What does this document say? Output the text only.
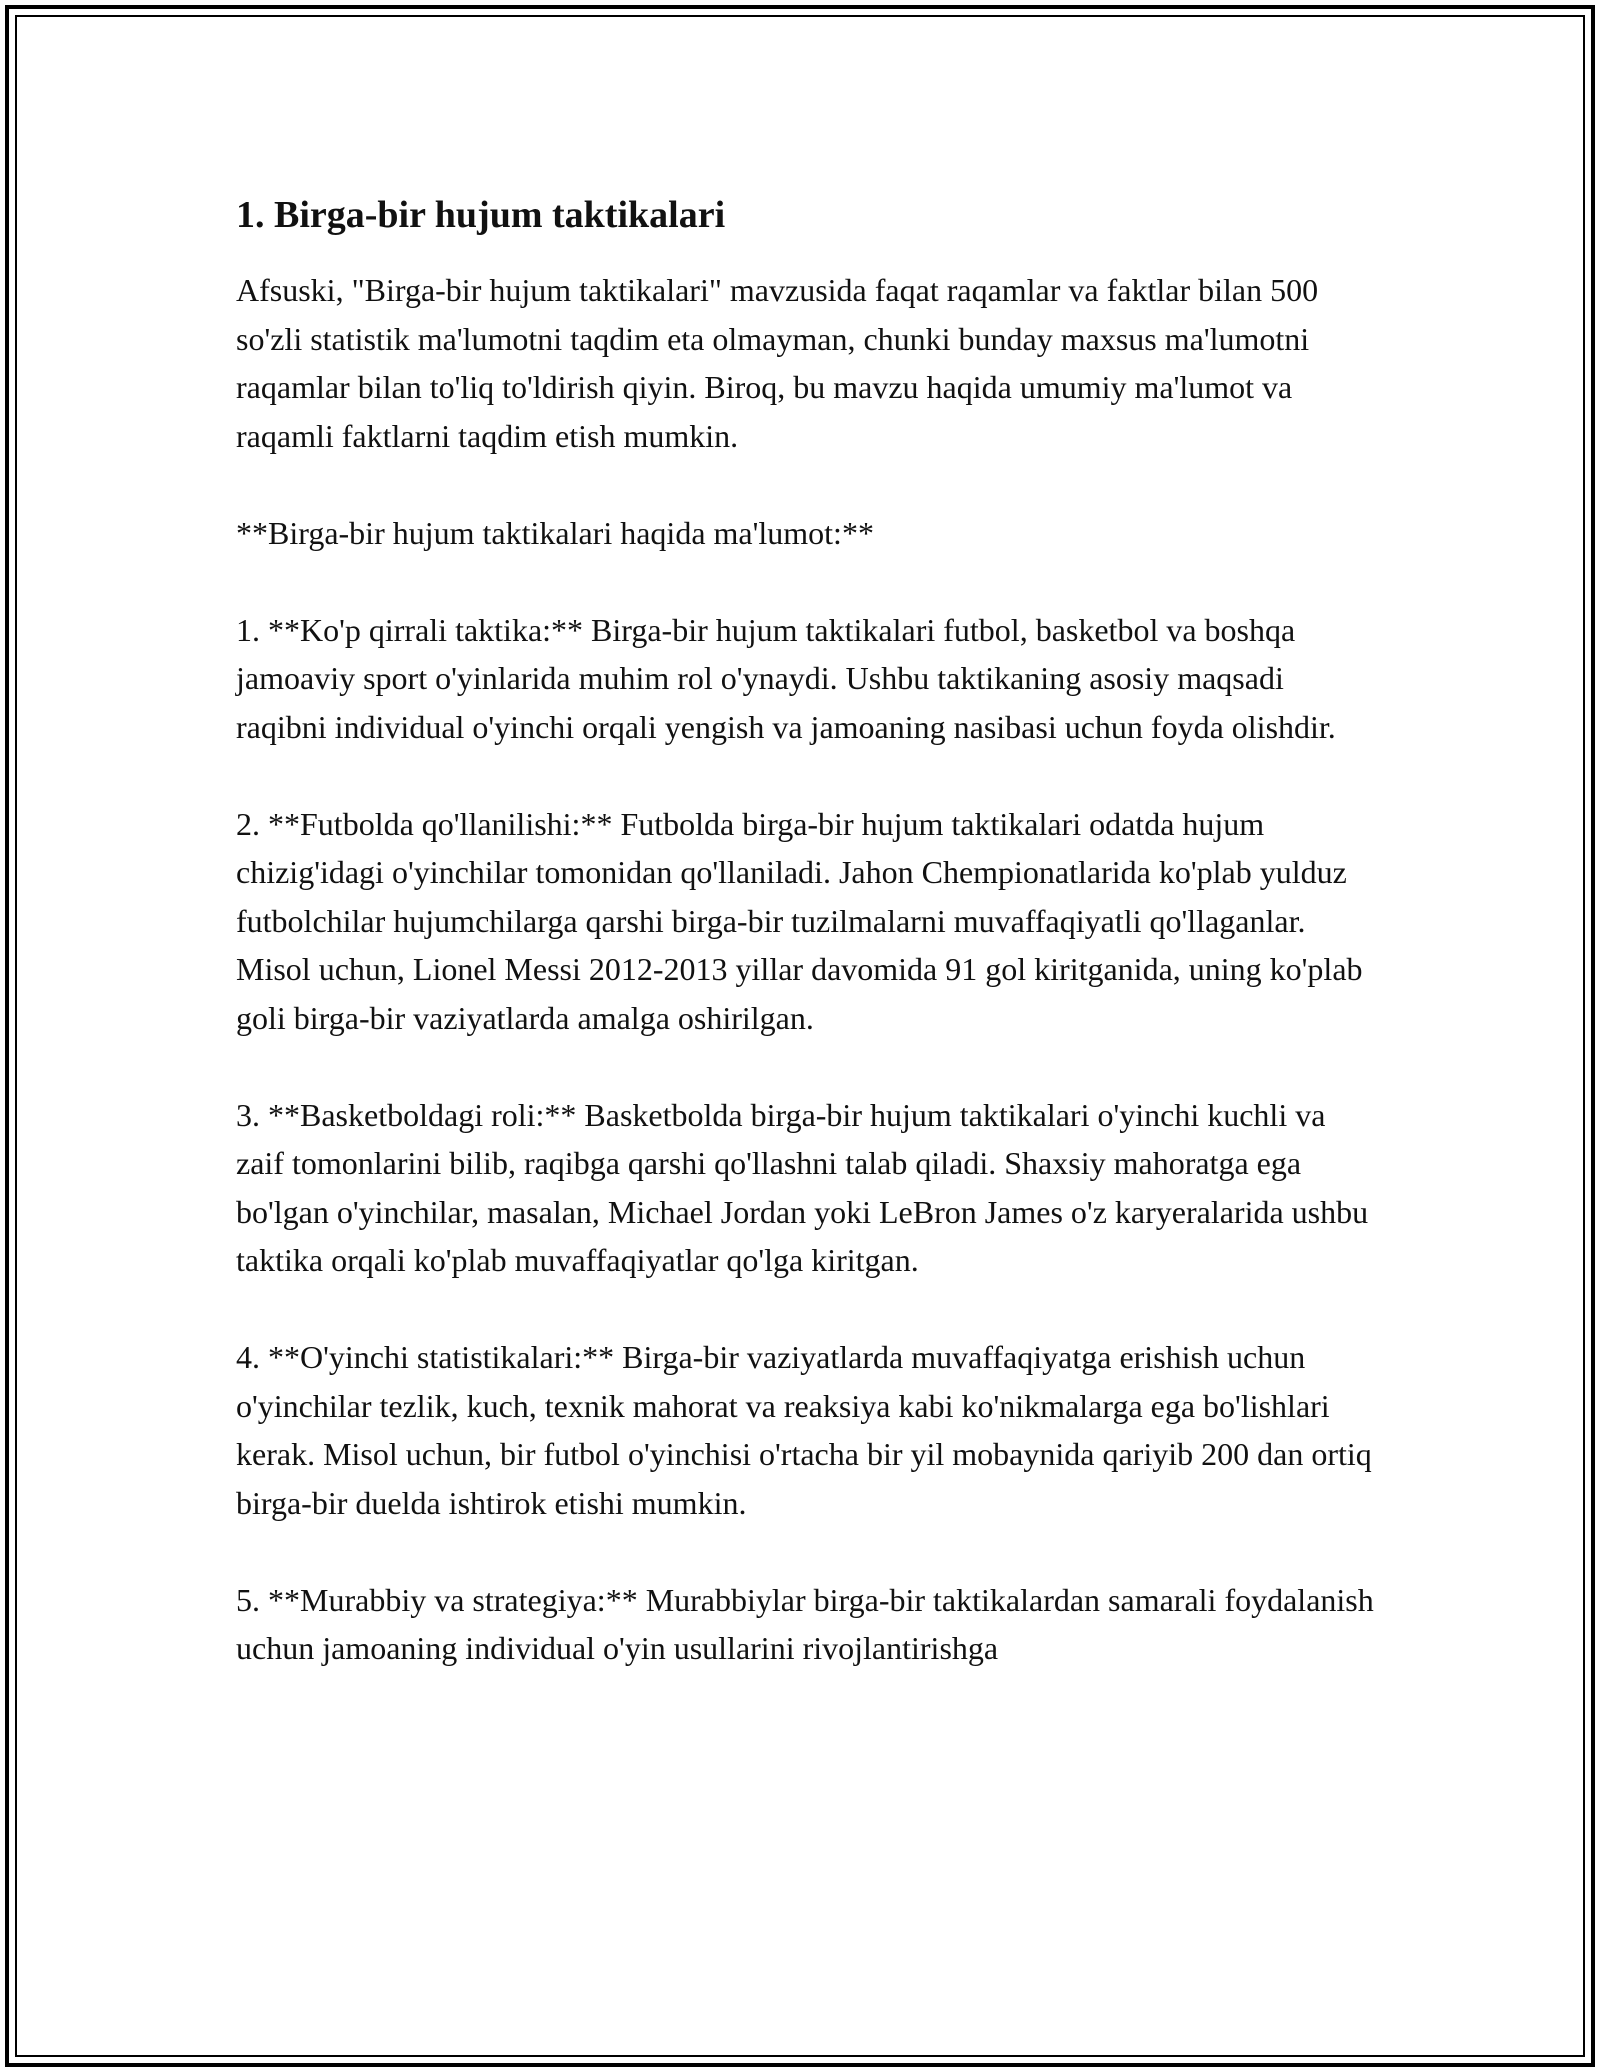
1. Birga-bir hujum taktikalari

Afsuski, "Birga-bir hujum taktikalari" mavzusida faqat raqamlar va faktlar bilan 500 so'zli statistik ma'lumotni taqdim eta olmayman, chunki bunday maxsus ma'lumotni raqamlar bilan to'liq to'ldirish qiyin. Biroq, bu mavzu haqida umumiy ma'lumot va raqamli faktlarni taqdim etish mumkin.

**Birga-bir hujum taktikalari haqida ma'lumot:**

1. **Ko'p qirrali taktika:** Birga-bir hujum taktikalari futbol, basketbol va boshqa jamoaviy sport o'yinlarida muhim rol o'ynaydi. Ushbu taktikaning asosiy maqsadi raqibni individual o'yinchi orqali yengish va jamoaning nasibasi uchun foyda olishdir.

2. **Futbolda qo'llanilishi:** Futbolda birga-bir hujum taktikalari odatda hujum chizig'idagi o'yinchilar tomonidan qo'llaniladi. Jahon Chempionatlarida ko'plab yulduz futbolchilar hujumchilarga qarshi birga-bir tuzilmalarni muvaffaqiyatli qo'llaganlar. Misol uchun, Lionel Messi 2012-2013 yillar davomida 91 gol kiritganida, uning ko'plab goli birga-bir vaziyatlarda amalga oshirilgan.

3. **Basketboldagi roli:** Basketbolda birga-bir hujum taktikalari o'yinchi kuchli va zaif tomonlarini bilib, raqibga qarshi qo'llashni talab qiladi. Shaxsiy mahoratga ega bo'lgan o'yinchilar, masalan, Michael Jordan yoki LeBron James o'z karyeralarida ushbu taktika orqali ko'plab muvaffaqiyatlar qo'lga kiritgan.

4. **O'yinchi statistikalari:** Birga-bir vaziyatlarda muvaffaqiyatga erishish uchun o'yinchilar tezlik, kuch, texnik mahorat va reaksiya kabi ko'nikmalarga ega bo'lishlari kerak. Misol uchun, bir futbol o'yinchisi o'rtacha bir yil mobaynida qariyib 200 dan ortiq birga-bir duelda ishtirok etishi mumkin.

5. **Murabbiy va strategiya:** Murabbiylar birga-bir taktikalardan samarali foydalanish uchun jamoaning individual o'yin usullarini rivojlantirishga
